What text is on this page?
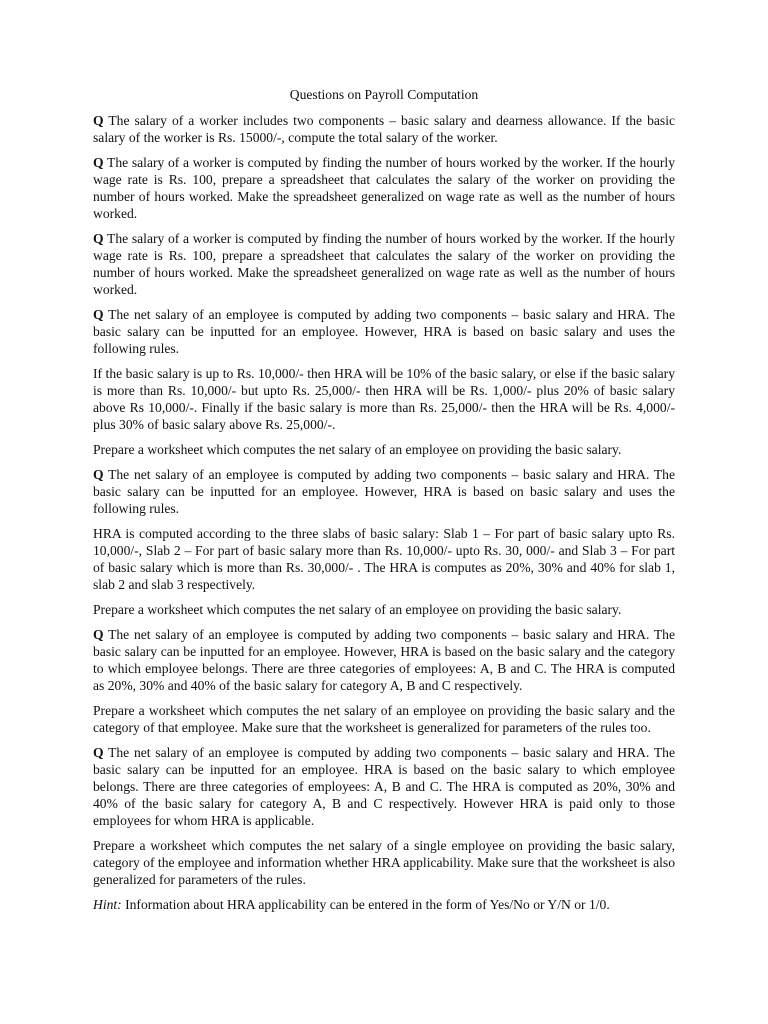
Questions on Payroll Computation

Q The salary of a worker includes two components – basic salary and dearness allowance. If the basic salary of the worker is Rs. 15000/-, compute the total salary of the worker.

Q The salary of a worker is computed by finding the number of hours worked by the worker. If the hourly wage rate is Rs. 100, prepare a spreadsheet that calculates the salary of the worker on providing the number of hours worked. Make the spreadsheet generalized on wage rate as well as the number of hours worked.

Q The salary of a worker is computed by finding the number of hours worked by the worker. If the hourly wage rate is Rs. 100, prepare a spreadsheet that calculates the salary of the worker on providing the number of hours worked. Make the spreadsheet generalized on wage rate as well as the number of hours worked.

Q The net salary of an employee is computed by adding two components – basic salary and HRA. The basic salary can be inputted for an employee. However, HRA is based on basic salary and uses the following rules.

If the basic salary is up to Rs. 10,000/- then HRA will be 10% of the basic salary, or else if the basic salary is more than Rs. 10,000/- but upto Rs. 25,000/- then HRA will be Rs. 1,000/- plus 20% of basic salary above Rs 10,000/-. Finally if the basic salary is more than Rs. 25,000/- then the HRA will be Rs. 4,000/- plus 30% of basic salary above Rs. 25,000/-.

Prepare a worksheet which computes the net salary of an employee on providing the basic salary.

Q The net salary of an employee is computed by adding two components – basic salary and HRA. The basic salary can be inputted for an employee. However, HRA is based on basic salary and uses the following rules.

HRA is computed according to the three slabs of basic salary: Slab 1 – For part of basic salary upto Rs. 10,000/-, Slab 2 – For part of basic salary more than Rs. 10,000/- upto Rs. 30, 000/- and Slab 3 – For part of basic salary which is more than Rs. 30,000/- . The HRA is computes as 20%, 30% and 40% for slab 1, slab 2 and slab 3 respectively.

Prepare a worksheet which computes the net salary of an employee on providing the basic salary.

Q The net salary of an employee is computed by adding two components – basic salary and HRA. The basic salary can be inputted for an employee. However, HRA is based on the basic salary and the category to which employee belongs. There are three categories of employees: A, B and C. The HRA is computed as 20%, 30% and 40% of the basic salary for category A, B and C respectively.

Prepare a worksheet which computes the net salary of an employee on providing the basic salary and the category of that employee. Make sure that the worksheet is generalized for parameters of the rules too.

Q The net salary of an employee is computed by adding two components – basic salary and HRA. The basic salary can be inputted for an employee. HRA is based on the basic salary to which employee belongs. There are three categories of employees: A, B and C. The HRA is computed as 20%, 30% and 40% of the basic salary for category A, B and C respectively. However HRA is paid only to those employees for whom HRA is applicable.

Prepare a worksheet which computes the net salary of a single employee on providing the basic salary, category of the employee and information whether HRA applicability. Make sure that the worksheet is also generalized for parameters of the rules.

Hint: Information about HRA applicability can be entered in the form of Yes/No or Y/N or 1/0.
